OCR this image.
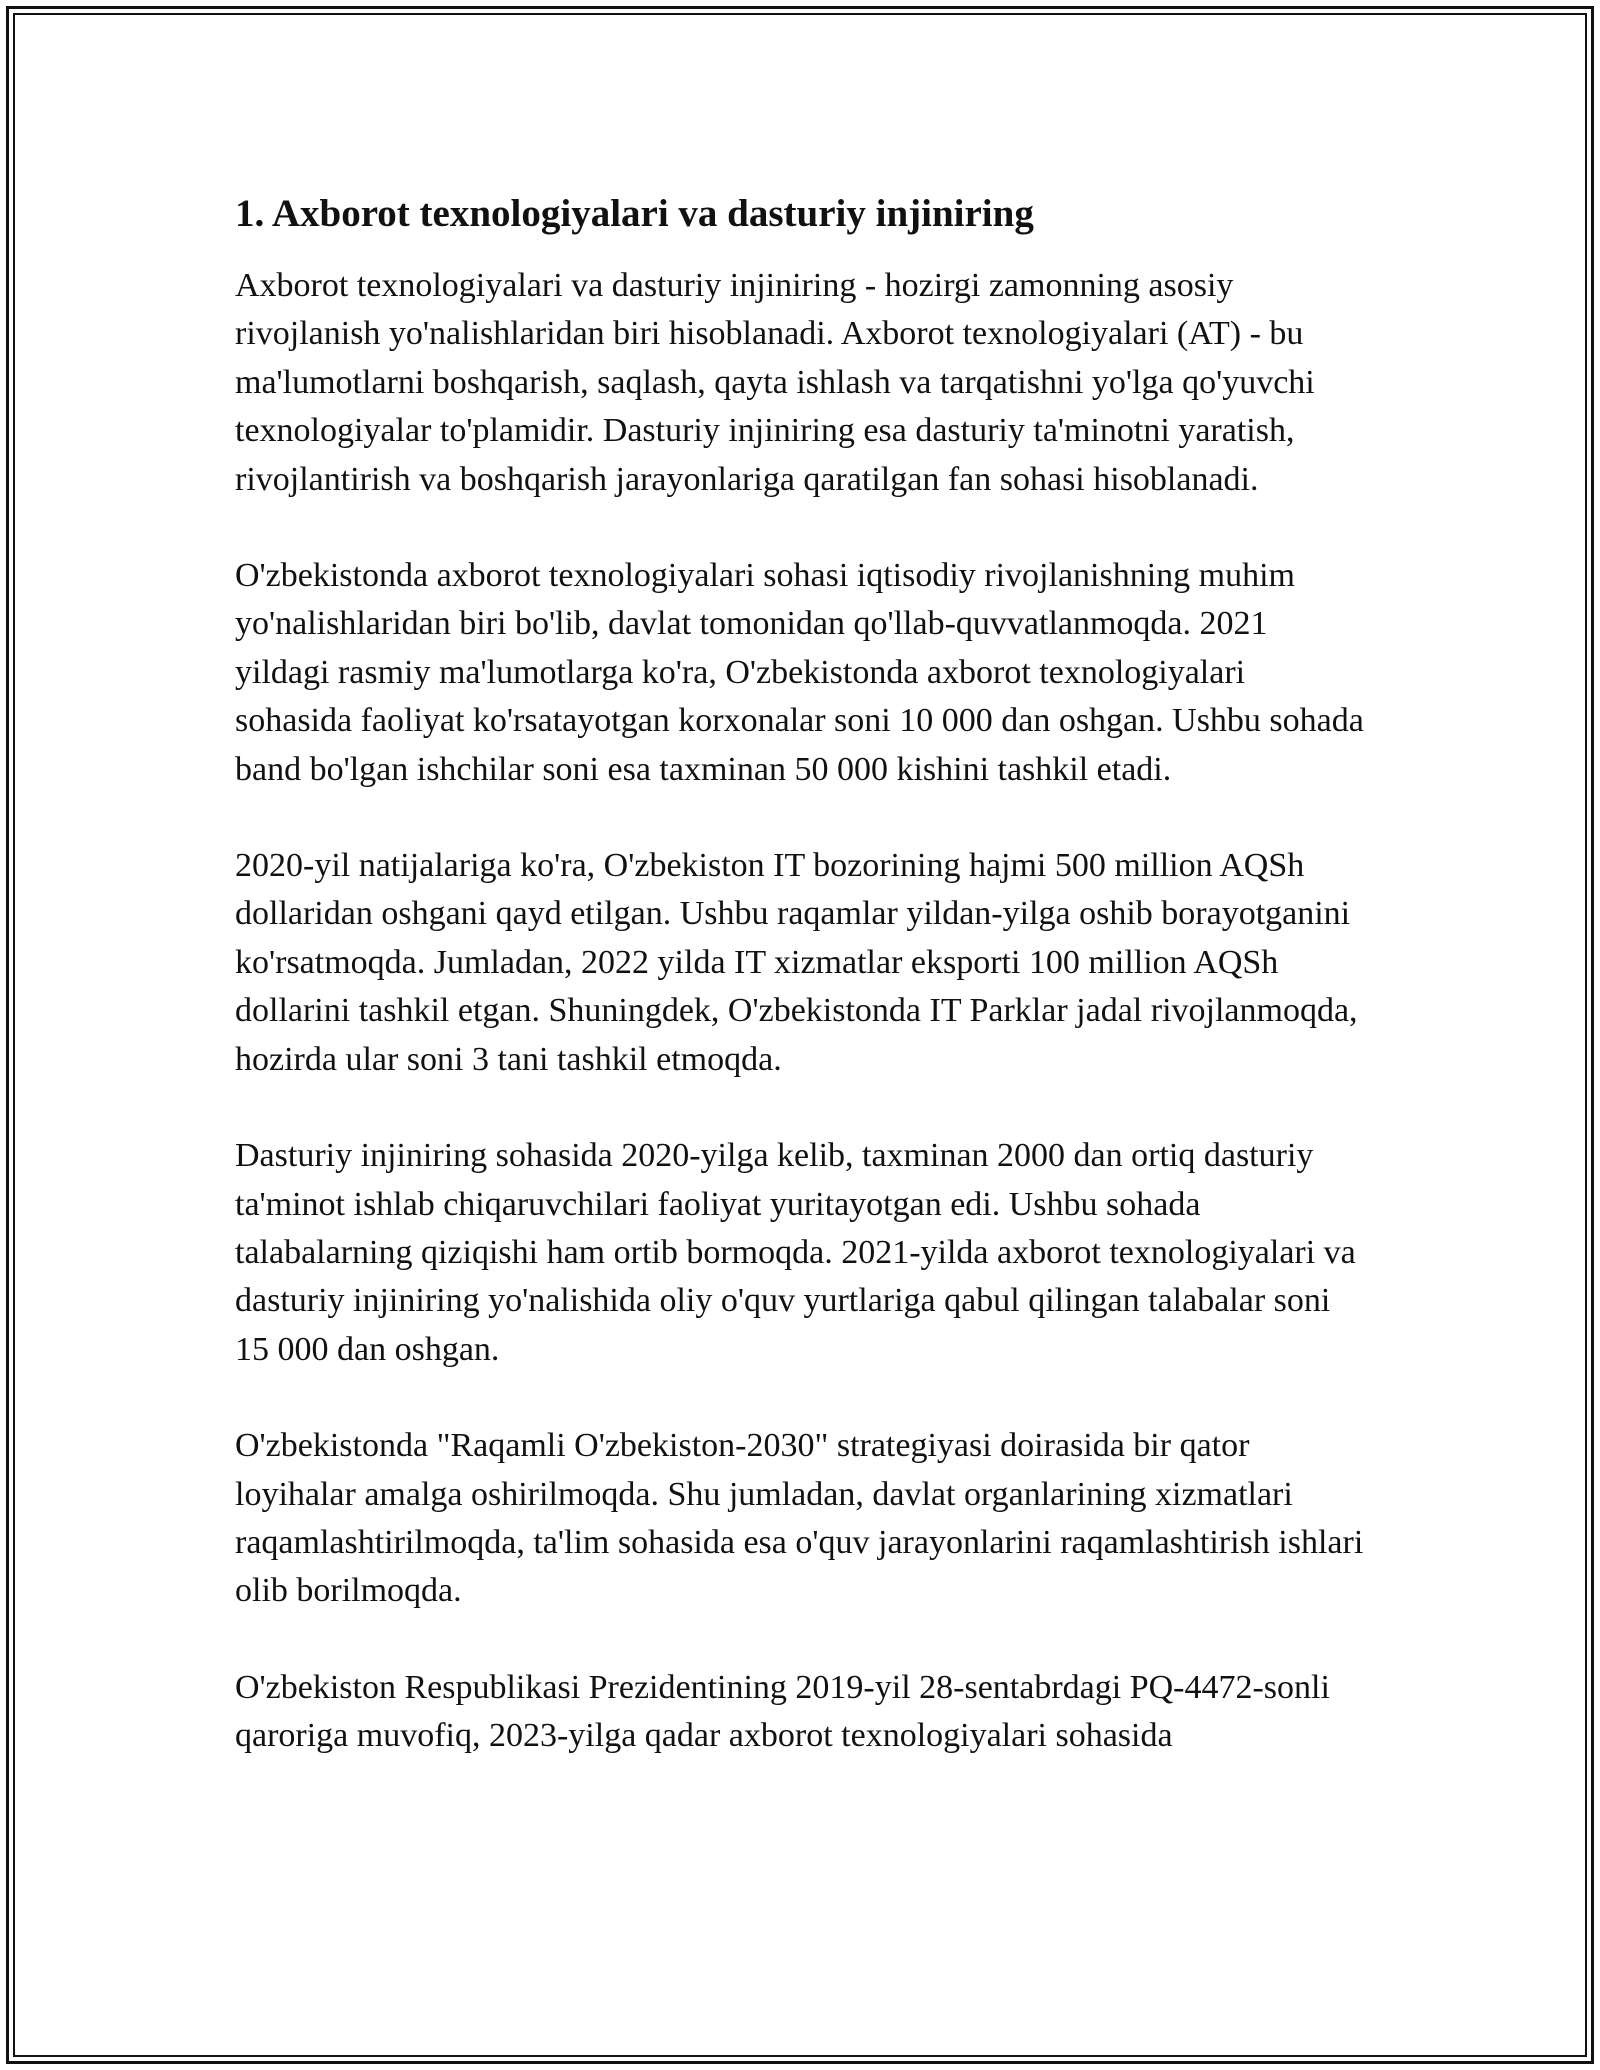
1. Axborot texnologiyalari va dasturiy injiniring

Axborot texnologiyalari va dasturiy injiniring - hozirgi zamonning asosiy rivojlanish yo'nalishlaridan biri hisoblanadi. Axborot texnologiyalari (AT) - bu ma'lumotlarni boshqarish, saqlash, qayta ishlash va tarqatishni yo'lga qo'yuvchi texnologiyalar to'plamidir. Dasturiy injiniring esa dasturiy ta'minotni yaratish, rivojlantirish va boshqarish jarayonlariga qaratilgan fan sohasi hisoblanadi.

O'zbekistonda axborot texnologiyalari sohasi iqtisodiy rivojlanishning muhim yo'nalishlaridan biri bo'lib, davlat tomonidan qo'llab-quvvatlanmoqda. 2021 yildagi rasmiy ma'lumotlarga ko'ra, O'zbekistonda axborot texnologiyalari sohasida faoliyat ko'rsatayotgan korxonalar soni 10 000 dan oshgan. Ushbu sohada band bo'lgan ishchilar soni esa taxminan 50 000 kishini tashkil etadi.

2020-yil natijalariga ko'ra, O'zbekiston IT bozorining hajmi 500 million AQSh dollaridan oshgani qayd etilgan. Ushbu raqamlar yildan-yilga oshib borayotganini ko'rsatmoqda. Jumladan, 2022 yilda IT xizmatlar eksporti 100 million AQSh dollarini tashkil etgan. Shuningdek, O'zbekistonda IT Parklar jadal rivojlanmoqda, hozirda ular soni 3 tani tashkil etmoqda.

Dasturiy injiniring sohasida 2020-yilga kelib, taxminan 2000 dan ortiq dasturiy ta'minot ishlab chiqaruvchilari faoliyat yuritayotgan edi. Ushbu sohada talabalarning qiziqishi ham ortib bormoqda. 2021-yilda axborot texnologiyalari va dasturiy injiniring yo'nalishida oliy o'quv yurtlariga qabul qilingan talabalar soni 15 000 dan oshgan.

O'zbekistonda "Raqamli O'zbekiston-2030" strategiyasi doirasida bir qator loyihalar amalga oshirilmoqda. Shu jumladan, davlat organlarining xizmatlari raqamlashtirilmoqda, ta'lim sohasida esa o'quv jarayonlarini raqamlashtirish ishlari olib borilmoqda.

O'zbekiston Respublikasi Prezidentining 2019-yil 28-sentabrdagi PQ-4472-sonli qaroriga muvofiq, 2023-yilga qadar axborot texnologiyalari sohasida
